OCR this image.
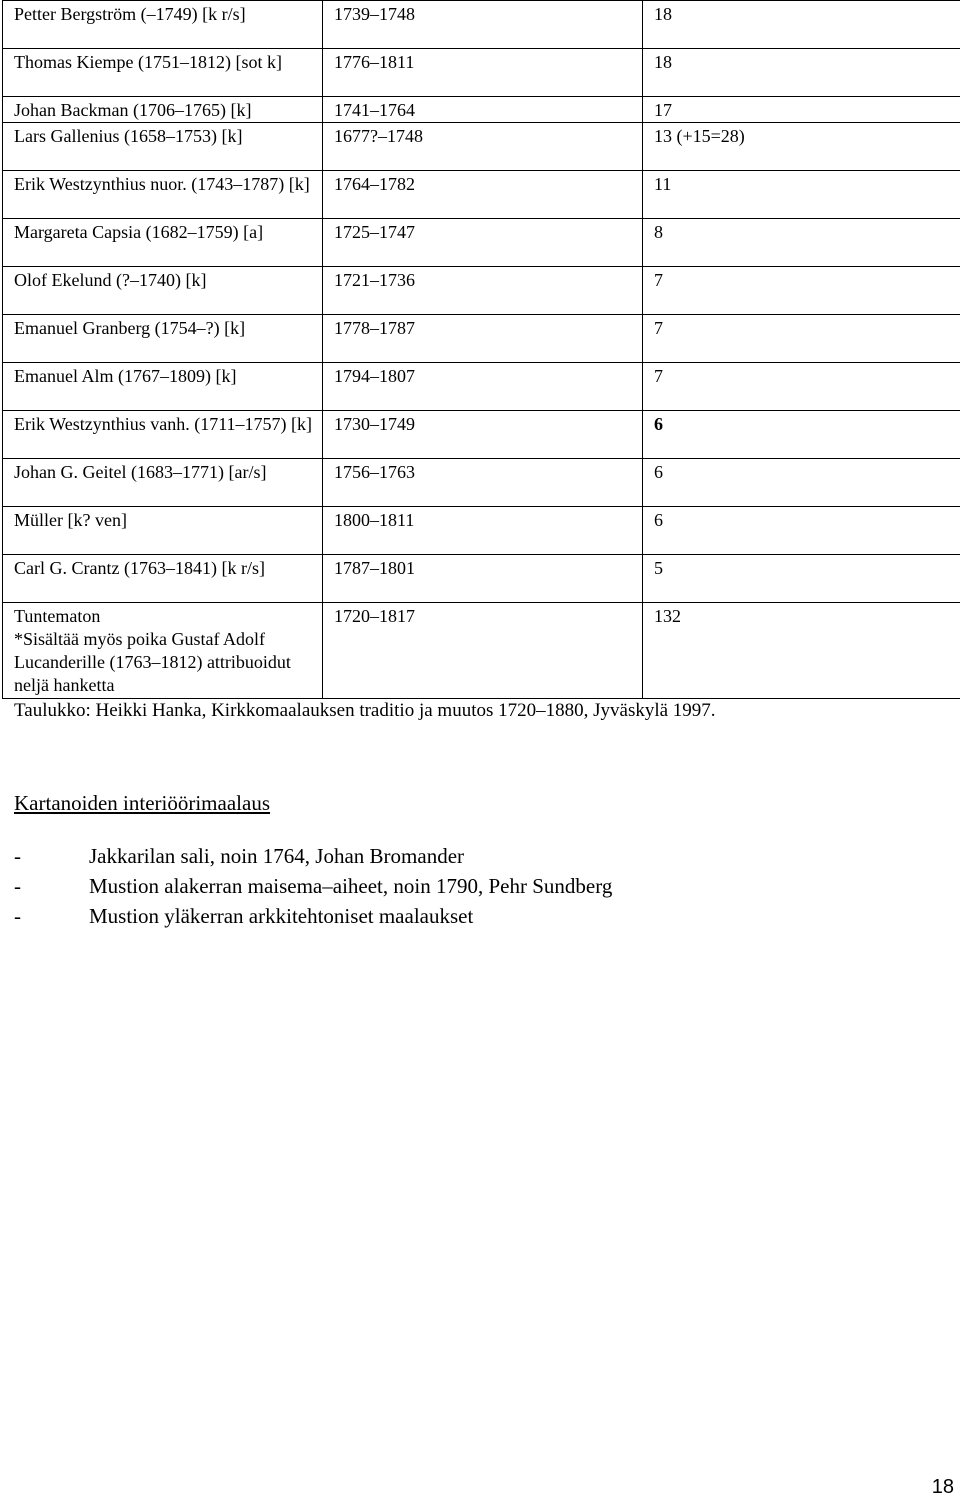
Petter Bergström (–1749) [k r/s]	1739–1748	18
Thomas Kiempe (1751–1812) [sot k]	1776–1811	18
Johan Backman (1706–1765) [k]	1741–1764	17
Lars Gallenius (1658–1753) [k]	1677?–1748	13 (+15=28)
Erik Westzynthius nuor. (1743–1787) [k]	1764–1782	11
Margareta Capsia (1682–1759) [a]	1725–1747	8
Olof Ekelund (?–1740) [k]	1721–1736	7
Emanuel Granberg (1754–?) [k]	1778–1787	7
Emanuel Alm (1767–1809) [k]	1794–1807	7
Erik Westzynthius vanh. (1711–1757) [k]	1730–1749	6
Johan G. Geitel (1683–1771) [ar/s]	1756–1763	6
Müller [k? ven]	1800–1811	6
Carl G. Crantz (1763–1841) [k r/s]	1787–1801	5
Tuntematon
*Sisältää myös poika Gustaf Adolf Lucanderille (1763–1812) attribuoidut neljä hanketta	1720–1817	132
Taulukko: Heikki Hanka, Kirkkomaalauksen traditio ja muutos 1720–1880, Jyväskylä 1997.
Kartanoiden interiöörimaalaus
-	Jakkarilan sali, noin 1764, Johan Bromander
-	Mustion alakerran maisema–aiheet, noin 1790, Pehr Sundberg
-	Mustion yläkerran arkkitehtoniset maalaukset
18
